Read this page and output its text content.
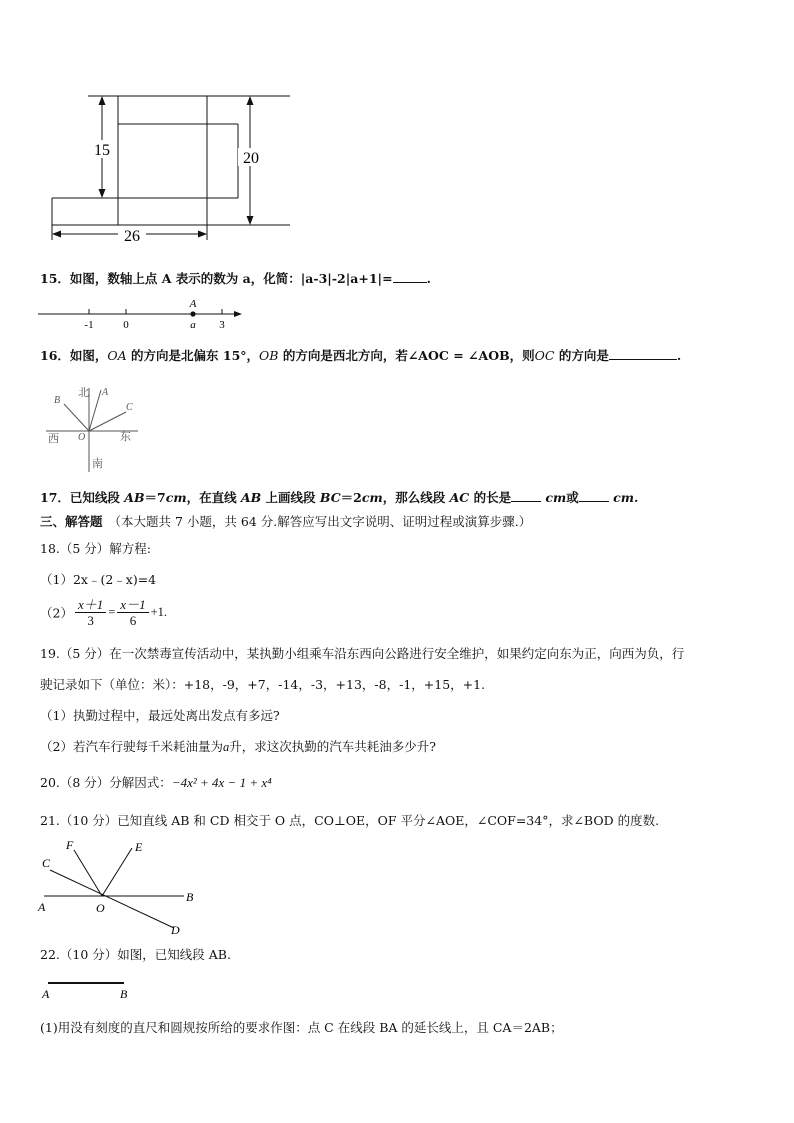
15	20
26
15．如图，数轴上点 A 表示的数为 a，化简：|a-3|-2|a+1|=	.
A
-1	0	a 3
16．如图，OA 的方向是北偏东 15°，OB 的方向是西北方向，若∠AOC = ∠AOB，则OC 的方向是	.
北
南
东
西
A
B
C
O
17．已知线段 AB＝7cm，在直线 AB 上画线段 BC＝2cm，那么线段 AC 的长是 cm或 cm.
三、解答题 （本大题共 7 小题，共 64 分.解答应写出文字说明、证明过程或演算步骤.）
18.（5 分）解方程:
（1）2x﹣(2﹣x)=4
$(2) \frac{x+1}{3} = \frac{x-1}{6} +1$.
19.（5 分）在一次禁毒宣传活动中，某执勤小组乘车沿东西向公路进行安全维护，如果约定向东为正，向西为负，行
驶记录如下（单位：米）：+18，-9，+7，-14，-3，+13，-8，-1，+15，+1.
（1）执勤过程中，最远处离出发点有多远?
（2）若汽车行驶每千米耗油量为a升，求这次执勤的汽车共耗油多少升?
20.（8 分）分解因式：−4x² + 4x − 1 + x⁴
21.（10 分）已知直线 AB 和 CD 相交于 O 点，CO⊥OE，OF 平分∠AOE，∠COF=34°，求∠BOD 的度数.
C
F	E
B
A	O
D
22.（10 分）如图，已知线段 AB.
A	B
(1)用没有刻度的直尺和圆规按所给的要求作图：点 C 在线段 BA 的延长线上，且 CA＝2AB；
